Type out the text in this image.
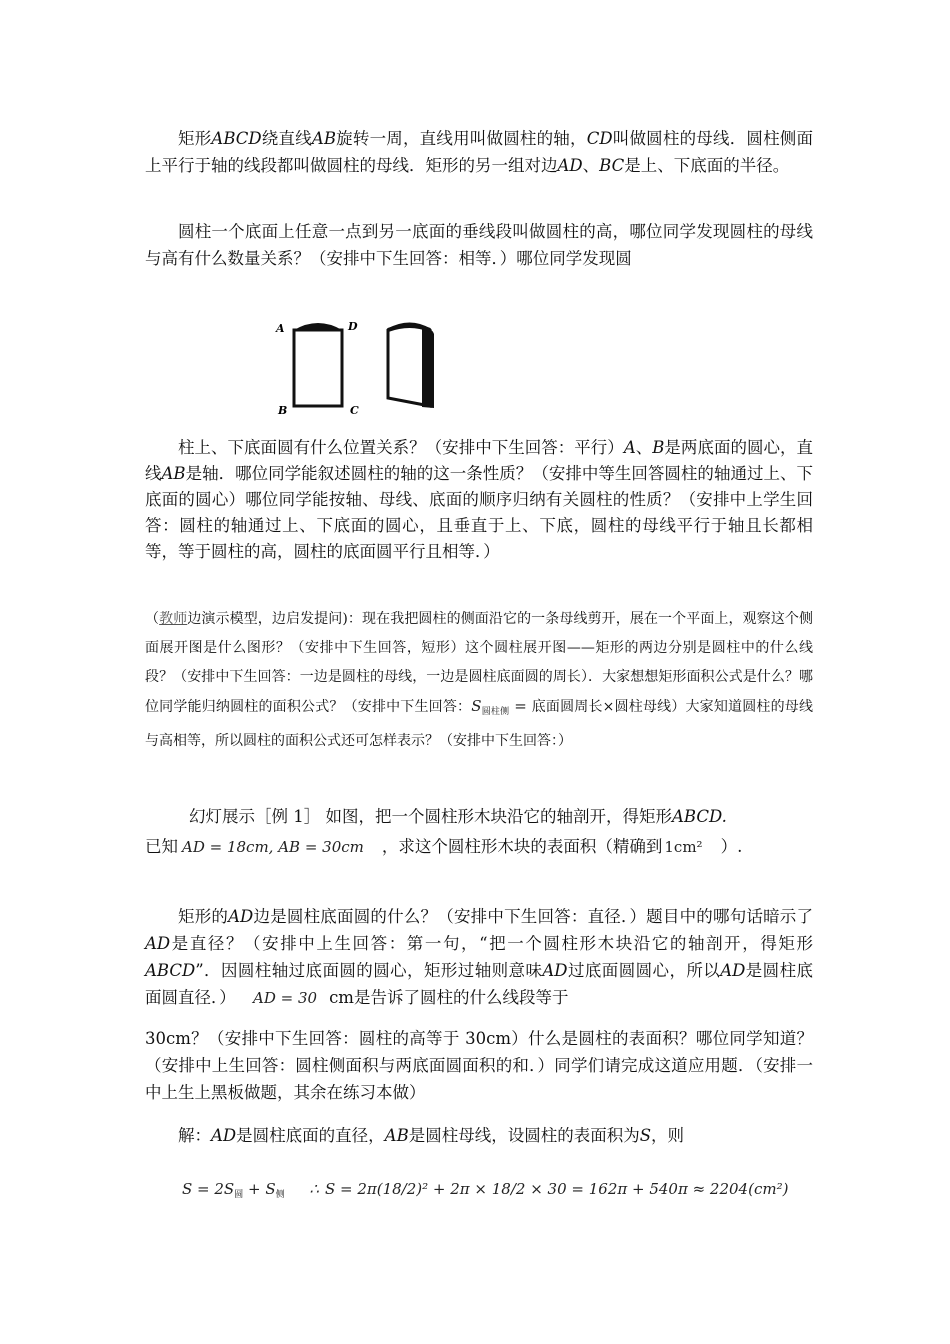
矩形ABCD绕直线AB旋转一周，直线用叫做圆柱的轴，CD叫做圆柱的母线．圆柱侧面上平行于轴的线段都叫做圆柱的母线．矩形的另一组对边AD、BC是上、下底面的半径。

圆柱一个底面上任意一点到另一底面的垂线段叫做圆柱的高，哪位同学发现圆柱的母线与高有什么数量关系？（安排中下生回答：相等．）哪位同学发现圆

A	D
B	C

柱上、下底面圆有什么位置关系？（安排中下生回答：平行）A、B是两底面的圆心，直线AB是轴．哪位同学能叙述圆柱的轴的这一条性质？（安排中等生回答圆柱的轴通过上、下底面的圆心）哪位同学能按轴、母线、底面的顺序归纳有关圆柱的性质？（安排中上学生回答：圆柱的轴通过上、下底面的圆心，且垂直于上、下底，圆柱的母线平行于轴且长都相等，等于圆柱的高，圆柱的底面圆平行且相等．）

（教师边演示模型，边启发提问)：现在我把圆柱的侧面沿它的一条母线剪开，展在一个平面上，观察这个侧面展开图是什么图形？（安排中下生回答，短形）这个圆柱展开图——矩形的两边分别是圆柱中的什么线段？（安排中下生回答：一边是圆柱的母线，一边是圆柱底面圆的周长）．大家想想矩形面积公式是什么？哪位同学能归纳圆柱的面积公式？（安排中下生回答：$S_{圆柱侧}$ = 底面圆周长×圆柱母线）大家知道圆柱的母线与高相等，所以圆柱的面积公式还可怎样表示？（安排中下生回答：）

幻灯展示［例 1］ 如图，把一个圆柱形木块沿它的轴剖开，得矩形ABCD.
已知 AD = 18cm, AB = 30cm ，求这个圆柱形木块的表面积（精确到 1cm² ）.

矩形的AD边是圆柱底面圆的什么？（安排中下生回答：直径．）题目中的哪句话暗示了AD是直径？（安排中上生回答：第一句，“把一个圆柱形木块沿它的轴剖开，得矩形ABCD”．因圆柱轴过底面圆的圆心，矩形过轴则意味AD过底面圆圆心，所以AD是圆柱底面圆直径．） AD = 30 cm是告诉了圆柱的什么线段等于

30cm？（安排中下生回答：圆柱的高等于 30cm）什么是圆柱的表面积？哪位同学知道？（安排中上生回答：圆柱侧面积与两底面圆面积的和．）同学们请完成这道应用题．（安排一中上生上黑板做题，其余在练习本做）

解：AD是圆柱底面的直径，AB是圆柱母线，设圆柱的表面积为S，则

$S = 2S_圆 + S_侧$ ∴ S = 2π(18/2)² + 2π × 18/2 × 30 = 162π + 540π ≈ 2204(cm²)
